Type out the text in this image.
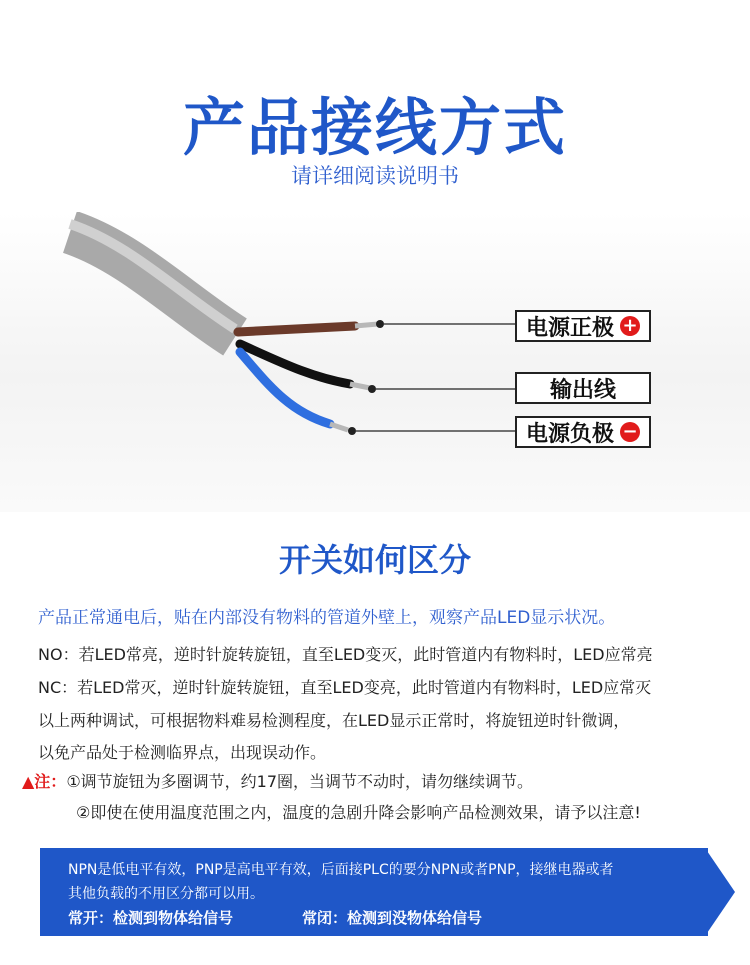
产品接线方式
请详细阅读说明书
电源正极 +
输出线
电源负极 −
开关如何区分
产品正常通电后，贴在内部没有物料的管道外壁上，观察产品LED显示状况。
NO：若LED常亮，逆时针旋转旋钮，直至LED变灭，此时管道内有物料时，LED应常亮
NC：若LED常灭，逆时针旋转旋钮，直至LED变亮，此时管道内有物料时，LED应常灭
以上两种调试，可根据物料难易检测程度，在LED显示正常时，将旋钮逆时针微调，
以免产品处于检测临界点，出现误动作。
▲注：①调节旋钮为多圈调节，约17圈，当调节不动时，请勿继续调节。
②即使在使用温度范围之内，温度的急剧升降会影响产品检测效果，请予以注意!
NPN是低电平有效，PNP是高电平有效，后面接PLC的要分NPN或者PNP，接继电器或者
其他负载的不用区分都可以用。
常开：检测到物体给信号	常闭：检测到没物体给信号
